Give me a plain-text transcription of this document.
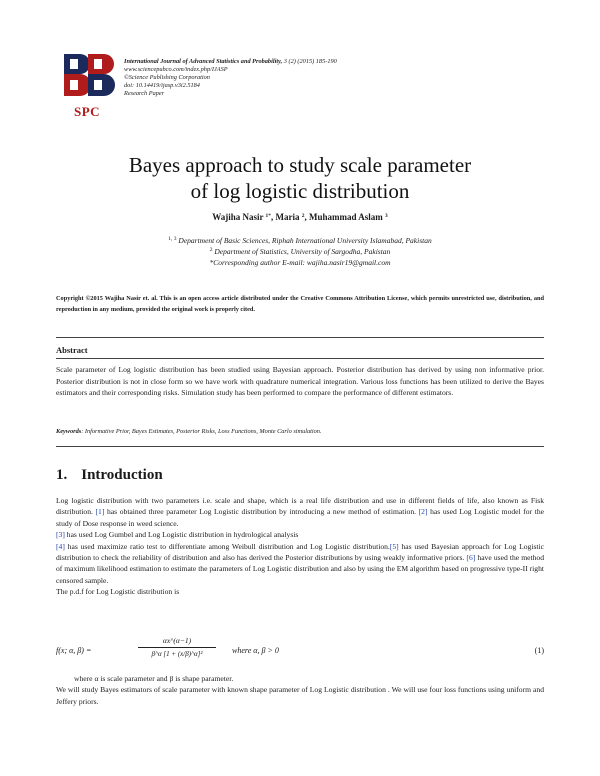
SPC
International Journal of Advanced Statistics and Probability, 3 (2) (2015) 185-190
www.sciencepubco.com/index.php/IJASP
©Science Publishing Corporation
doi: 10.14419/ijasp.v3i2.5184
Research Paper
Bayes approach to study scale parameter
of log logistic distribution
Wajiha Nasir $^{1*}$, Maria $^2$, Muhammad Aslam $^3$
$^{1, 3}$ Department of Basic Sciences, Riphah International University Islamabad, Pakistan
$^2$ Department of Statistics, University of Sargodha, Pakistan
*Corresponding author E-mail: wajiha.nasir19@gmail.com
Copyright ©2015 Wajiha Nasir et. al. This is an open access article distributed under the Creative Commons Attribution License, which permits unrestricted use, distribution, and reproduction in any medium, provided the original work is properly cited.
Abstract
Scale parameter of Log logistic distribution has been studied using Bayesian approach. Posterior distribution has derived by using non informative prior. Posterior distribution is not in close form so we have work with quadrature numerical integration. Various loss functions has been utilized to derive the Bayes estimators and their corresponding risks. Simulation study has been performed to compare the performance of different estimators.
Keywords: Informative Prior, Bayes Estimates, Posterior Risks, Loss Functions, Monte Carlo simulation.
1. Introduction

Log logistic distribution with two parameters i.e. scale and shape, which is a real life distribution and use in different fields of life, also known as Fisk distribution. [1] has obtained three parameter Log Logistic distribution by introducing a new method of estimation. [2] has used Log Logistic model for the study of Dose response in weed science.

[3] has used Log Gumbel and Log Logistic distribution in hydrological analysis

[4] has used maximize ratio test to differentiate among Weibull distribution and Log Logistic distribution.[5] has used Bayesian approach for Log Logistic distribution to check the reliability of distribution and also has derived the Posterior distributions by using weakly informative priors. [6] have used the method of maximum likelihood estimation to estimate the parameters of Log Logistic distribution and also by using the EM algorithm based on progressive type-II right censored sample.

The p.d.f for Log Logistic distribution is

f(x; α, β) =	$\frac{\alpha x\^{}(\alpha-1)}{\text{β\textasciicircum{}α [1 + (x/β)\textasciicircum{}α]²}}$ where α, β > 0	(1)

where α is scale parameter and β is shape parameter.

We will study Bayes estimators of scale parameter with known shape parameter of Log Logistic distribution . We will use four loss functions using uniform and Jeffery priors.
